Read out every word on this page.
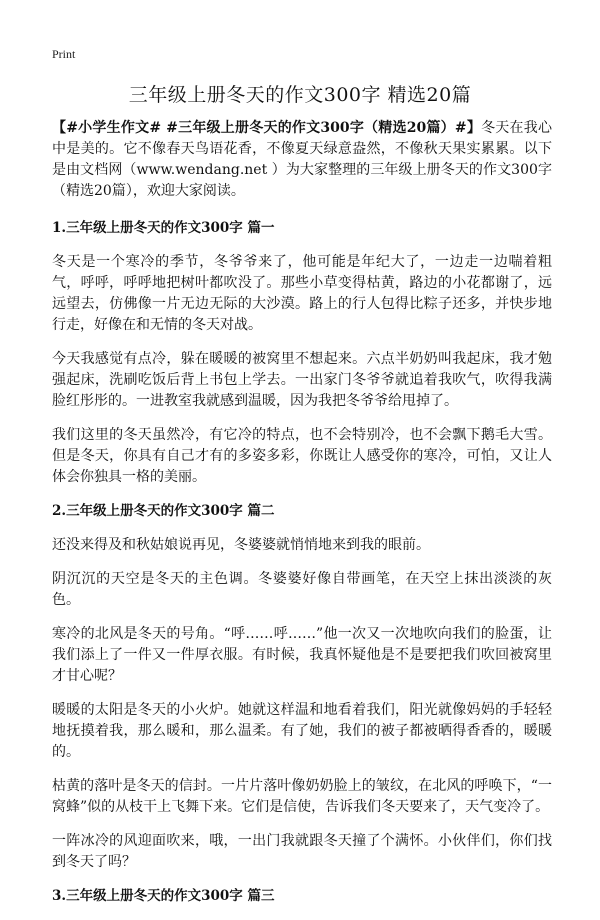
Print
三年级上册冬天的作文300字 精选20篇

【#小学生作文# #三年级上册冬天的作文300字（精选20篇）#】冬天在我心中是美的。它不像春天鸟语花香，不像夏天绿意盎然，不像秋天果实累累。以下是由文档网（www.wendang.net ）为大家整理的三年级上册冬天的作文300字（精选20篇），欢迎大家阅读。

1.三年级上册冬天的作文300字 篇一

冬天是一个寒冷的季节，冬爷爷来了，他可能是年纪大了，一边走一边喘着粗气，呼呼，呼呼地把树叶都吹没了。那些小草变得枯黄，路边的小花都谢了，远远望去，仿佛像一片无边无际的大沙漠。路上的行人包得比粽子还多，并快步地行走，好像在和无情的冬天对战。

今天我感觉有点冷，躲在暖暖的被窝里不想起来。六点半奶奶叫我起床，我才勉强起床，洗刷吃饭后背上书包上学去。一出家门冬爷爷就追着我吹气，吹得我满脸红彤彤的。一进教室我就感到温暖，因为我把冬爷爷给甩掉了。

我们这里的冬天虽然冷，有它冷的特点，也不会特别冷，也不会飘下鹅毛大雪。但是冬天，你具有自己才有的多姿多彩，你既让人感受你的寒冷，可怕，又让人体会你独具一格的美丽。

2.三年级上册冬天的作文300字 篇二

还没来得及和秋姑娘说再见，冬婆婆就悄悄地来到我的眼前。

阴沉沉的天空是冬天的主色调。冬婆婆好像自带画笔，在天空上抹出淡淡的灰色。

寒冷的北风是冬天的号角。“呼……呼……”他一次又一次地吹向我们的脸蛋，让我们添上了一件又一件厚衣服。有时候，我真怀疑他是不是要把我们吹回被窝里才甘心呢？

暖暖的太阳是冬天的小火炉。她就这样温和地看着我们，阳光就像妈妈的手轻轻地抚摸着我，那么暖和，那么温柔。有了她，我们的被子都被晒得香香的，暖暖的。

枯黄的落叶是冬天的信封。一片片落叶像奶奶脸上的皱纹，在北风的呼唤下，“一窝蜂”似的从枝干上飞舞下来。它们是信使，告诉我们冬天要来了，天气变冷了。

一阵冰冷的风迎面吹来，哦，一出门我就跟冬天撞了个满怀。小伙伴们，你们找到冬天了吗？

3.三年级上册冬天的作文300字 篇三
